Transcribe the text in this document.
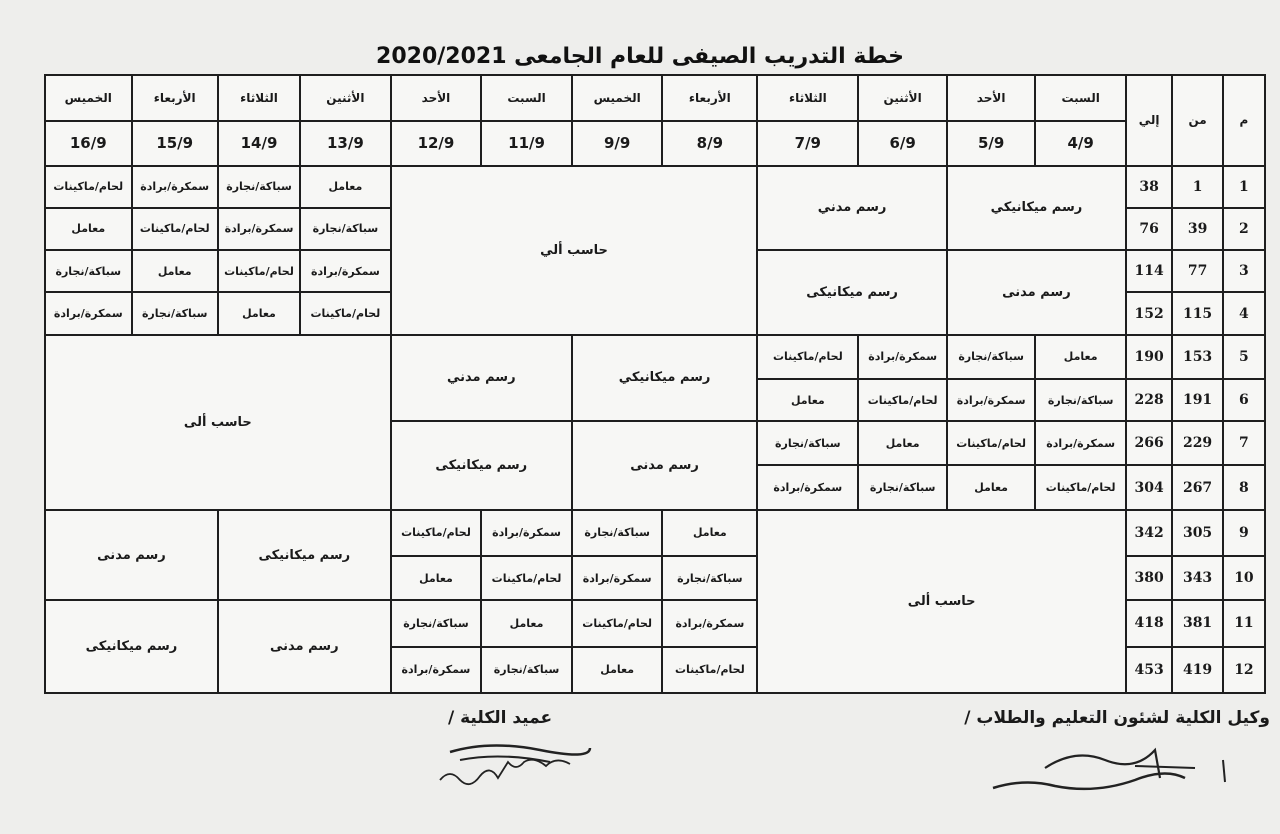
خطة التدريب الصيفى للعام الجامعى 2020/2021
م	من	إلي	السبت	الأحد	الأثنين	الثلاثاء	الأربعاء	الخميس	السبت	الأحد	الأثنين	الثلاثاء	الأربعاء	الخميس
			4/9	5/9	6/9	7/9	8/9	9/9	11/9	12/9	13/9	14/9	15/9	16/9
1	1	38	رسم ميكانيكي		رسم مدني		حاسب ألي				معامل	سباكة/نجارة	سمكرة/برادة	لحام/ماكينات
2	39	76									سباكة/نجارة	سمكرة/برادة	لحام/ماكينات	معامل
3	77	114	رسم مدنى		رسم ميكانيكى						سمكرة/برادة	لحام/ماكينات	معامل	سباكة/نجارة
4	115	152									لحام/ماكينات	معامل	سباكة/نجارة	سمكرة/برادة
5	153	190	معامل	سباكة/نجارة	سمكرة/برادة	لحام/ماكينات	رسم ميكانيكي		رسم مدني		حاسب ألى			
6	191	228	سباكة/نجارة	سمكرة/برادة	لحام/ماكينات	معامل								
7	229	266	سمكرة/برادة	لحام/ماكينات	معامل	سباكة/نجارة	رسم مدنى		رسم ميكانيكى					
8	267	304	لحام/ماكينات	معامل	سباكة/نجارة	سمكرة/برادة								
9	305	342	حاسب ألى				معامل	سباكة/نجارة	سمكرة/برادة	لحام/ماكينات	رسم ميكانيكى		رسم مدنى	
10	343	380					سباكة/نجارة	سمكرة/برادة	لحام/ماكينات	معامل				
11	381	418					سمكرة/برادة	لحام/ماكينات	معامل	سباكة/نجارة	رسم مدنى		رسم ميكانيكى	
12	419	453					لحام/ماكينات	معامل	سباكة/نجارة	سمكرة/برادة				
وكيل الكلية لشئون التعليم والطلاب /
عميد الكلية /
